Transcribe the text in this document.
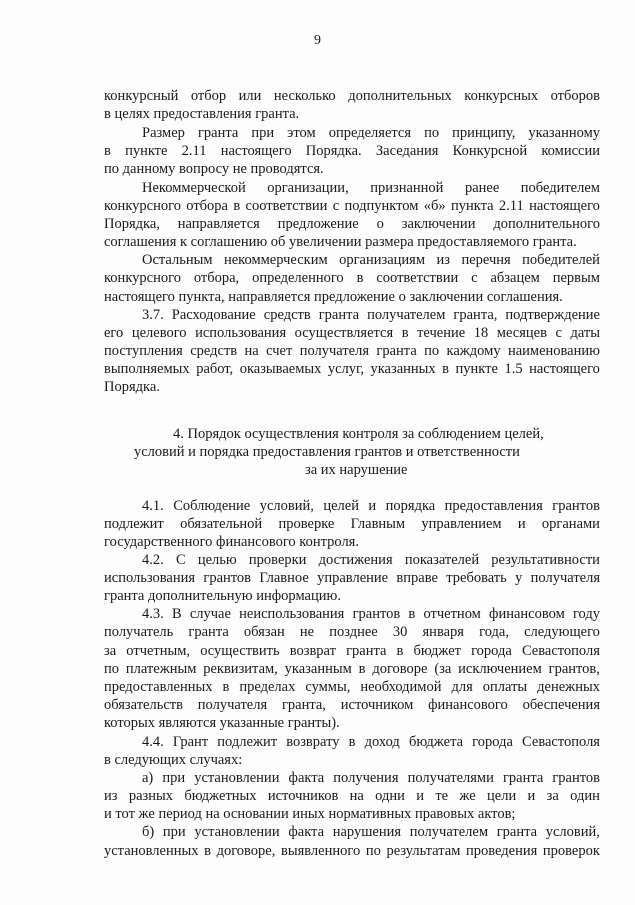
9
конкурсный отбор или несколько дополнительных конкурсных отборов
в целях предоставления гранта.
Размер гранта при этом определяется по принципу, указанному
в пункте 2.11 настоящего Порядка. Заседания Конкурсной комиссии
по данному вопросу не проводятся.
Некоммерческой организации, признанной ранее победителем
конкурсного отбора в соответствии с подпунктом «б» пункта 2.11 настоящего
Порядка, направляется предложение о заключении дополнительного
соглашения к соглашению об увеличении размера предоставляемого гранта.
Остальным некоммерческим организациям из перечня победителей
конкурсного отбора, определенного в соответствии с абзацем первым
настоящего пункта, направляется предложение о заключении соглашения.
3.7. Расходование средств гранта получателем гранта, подтверждение
его целевого использования осуществляется в течение 18 месяцев с даты
поступления средств на счет получателя гранта по каждому наименованию
выполняемых работ, оказываемых услуг, указанных в пункте 1.5 настоящего
Порядка.
4. Порядок осуществления контроля за соблюдением целей,
условий и порядка предоставления грантов и ответственности
за их нарушение
4.1. Соблюдение условий, целей и порядка предоставления грантов
подлежит обязательной проверке Главным управлением и органами
государственного финансового контроля.
4.2. С целью проверки достижения показателей результативности
использования грантов Главное управление вправе требовать у получателя
гранта дополнительную информацию.
4.3. В случае неиспользования грантов в отчетном финансовом году
получатель гранта обязан не позднее 30 января года, следующего
за отчетным, осуществить возврат гранта в бюджет города Севастополя
по платежным реквизитам, указанным в договоре (за исключением грантов,
предоставленных в пределах суммы, необходимой для оплаты денежных
обязательств получателя гранта, источником финансового обеспечения
которых являются указанные гранты).
4.4. Грант подлежит возврату в доход бюджета города Севастополя
в следующих случаях:
а) при установлении факта получения получателями гранта грантов
из разных бюджетных источников на одни и те же цели и за один
и тот же период на основании иных нормативных правовых актов;
б) при установлении факта нарушения получателем гранта условий,
установленных в договоре, выявленного по результатам проведения проверок
